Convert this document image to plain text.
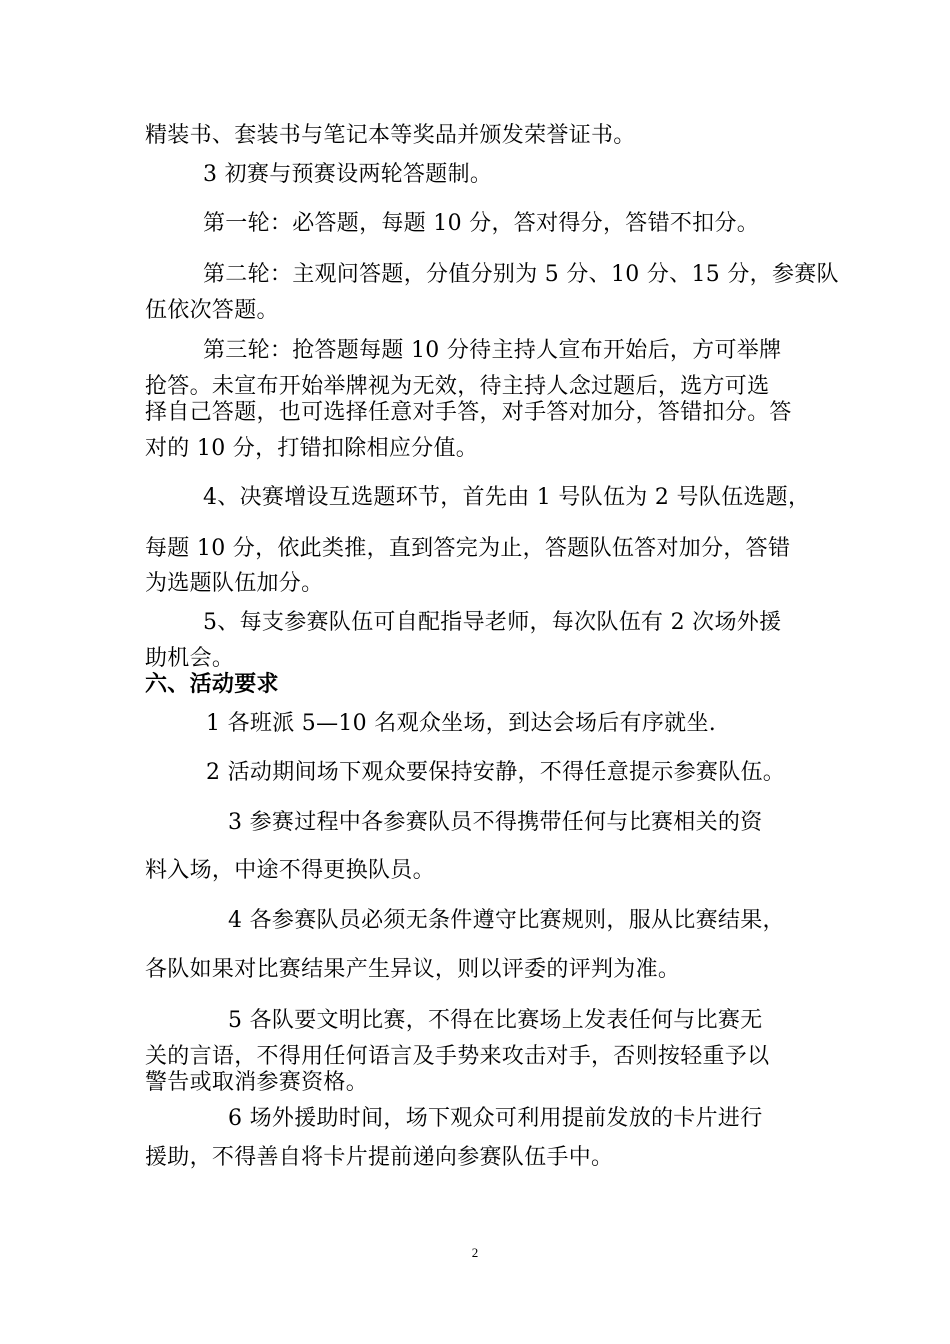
精装书、套装书与笔记本等奖品并颁发荣誉证书。
3 初赛与预赛设两轮答题制。
第一轮：必答题，每题 10 分，答对得分，答错不扣分。
第二轮：主观问答题，分值分别为 5 分、10 分、15 分，参赛队
伍依次答题。
第三轮：抢答题每题 10 分待主持人宣布开始后，方可举牌
抢答。未宣布开始举牌视为无效，待主持人念过题后，选方可选
择自己答题，也可选择任意对手答，对手答对加分，答错扣分。答
对的 10 分，打错扣除相应分值。
4、决赛增设互选题环节，首先由 1 号队伍为 2 号队伍选题，
每题 10 分，依此类推，直到答完为止，答题队伍答对加分，答错
为选题队伍加分。
5、每支参赛队伍可自配指导老师，每次队伍有 2 次场外援
助机会。
六、活动要求
1 各班派 5—10 名观众坐场，到达会场后有序就坐.
2 活动期间场下观众要保持安静，不得任意提示参赛队伍。
3 参赛过程中各参赛队员不得携带任何与比赛相关的资
料入场，中途不得更换队员。
4 各参赛队员必须无条件遵守比赛规则，服从比赛结果，
各队如果对比赛结果产生异议，则以评委的评判为准。
5 各队要文明比赛，不得在比赛场上发表任何与比赛无
关的言语，不得用任何语言及手势来攻击对手，否则按轻重予以
警告或取消参赛资格。
6 场外援助时间，场下观众可利用提前发放的卡片进行
援助，不得善自将卡片提前递向参赛队伍手中。
2
